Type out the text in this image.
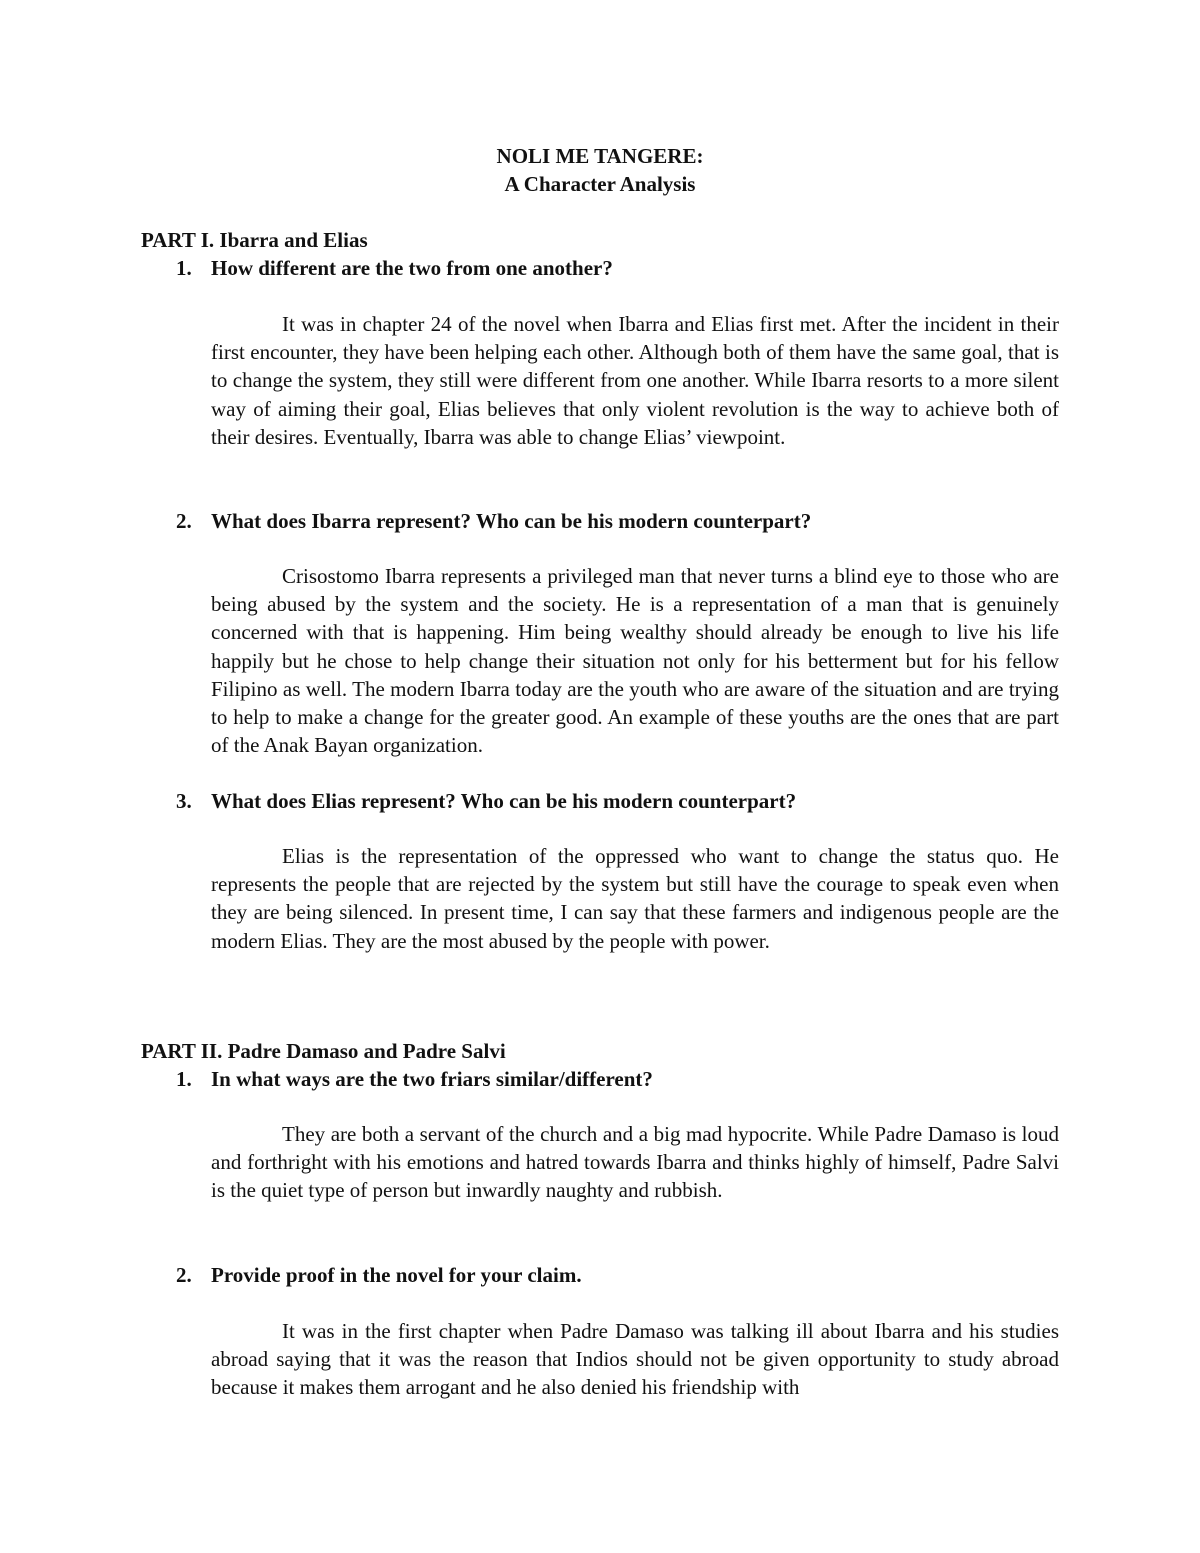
NOLI ME TANGERE:
A Character Analysis
PART I. Ibarra and Elias
1. How different are the two from one another?

It was in chapter 24 of the novel when Ibarra and Elias first met. After the incident in their first encounter, they have been helping each other. Although both of them have the same goal, that is to change the system, they still were different from one another. While Ibarra resorts to a more silent way of aiming their goal, Elias believes that only violent revolution is the way to achieve both of their desires. Eventually, Ibarra was able to change Elias’ viewpoint.

2. What does Ibarra represent? Who can be his modern counterpart?

Crisostomo Ibarra represents a privileged man that never turns a blind eye to those who are being abused by the system and the society. He is a representation of a man that is genuinely concerned with that is happening. Him being wealthy should already be enough to live his life happily but he chose to help change their situation not only for his betterment but for his fellow Filipino as well. The modern Ibarra today are the youth who are aware of the situation and are trying to help to make a change for the greater good. An example of these youths are the ones that are part of the Anak Bayan organization.

3. What does Elias represent? Who can be his modern counterpart?

Elias is the representation of the oppressed who want to change the status quo. He represents the people that are rejected by the system but still have the courage to speak even when they are being silenced. In present time, I can say that these farmers and indigenous people are the modern Elias. They are the most abused by the people with power.

PART II. Padre Damaso and Padre Salvi
1. In what ways are the two friars similar/different?

They are both a servant of the church and a big mad hypocrite. While Padre Damaso is loud and forthright with his emotions and hatred towards Ibarra and thinks highly of himself, Padre Salvi is the quiet type of person but inwardly naughty and rubbish.

2. Provide proof in the novel for your claim.

It was in the first chapter when Padre Damaso was talking ill about Ibarra and his studies abroad saying that it was the reason that Indios should not be given opportunity to study abroad because it makes them arrogant and he also denied his friendship with
